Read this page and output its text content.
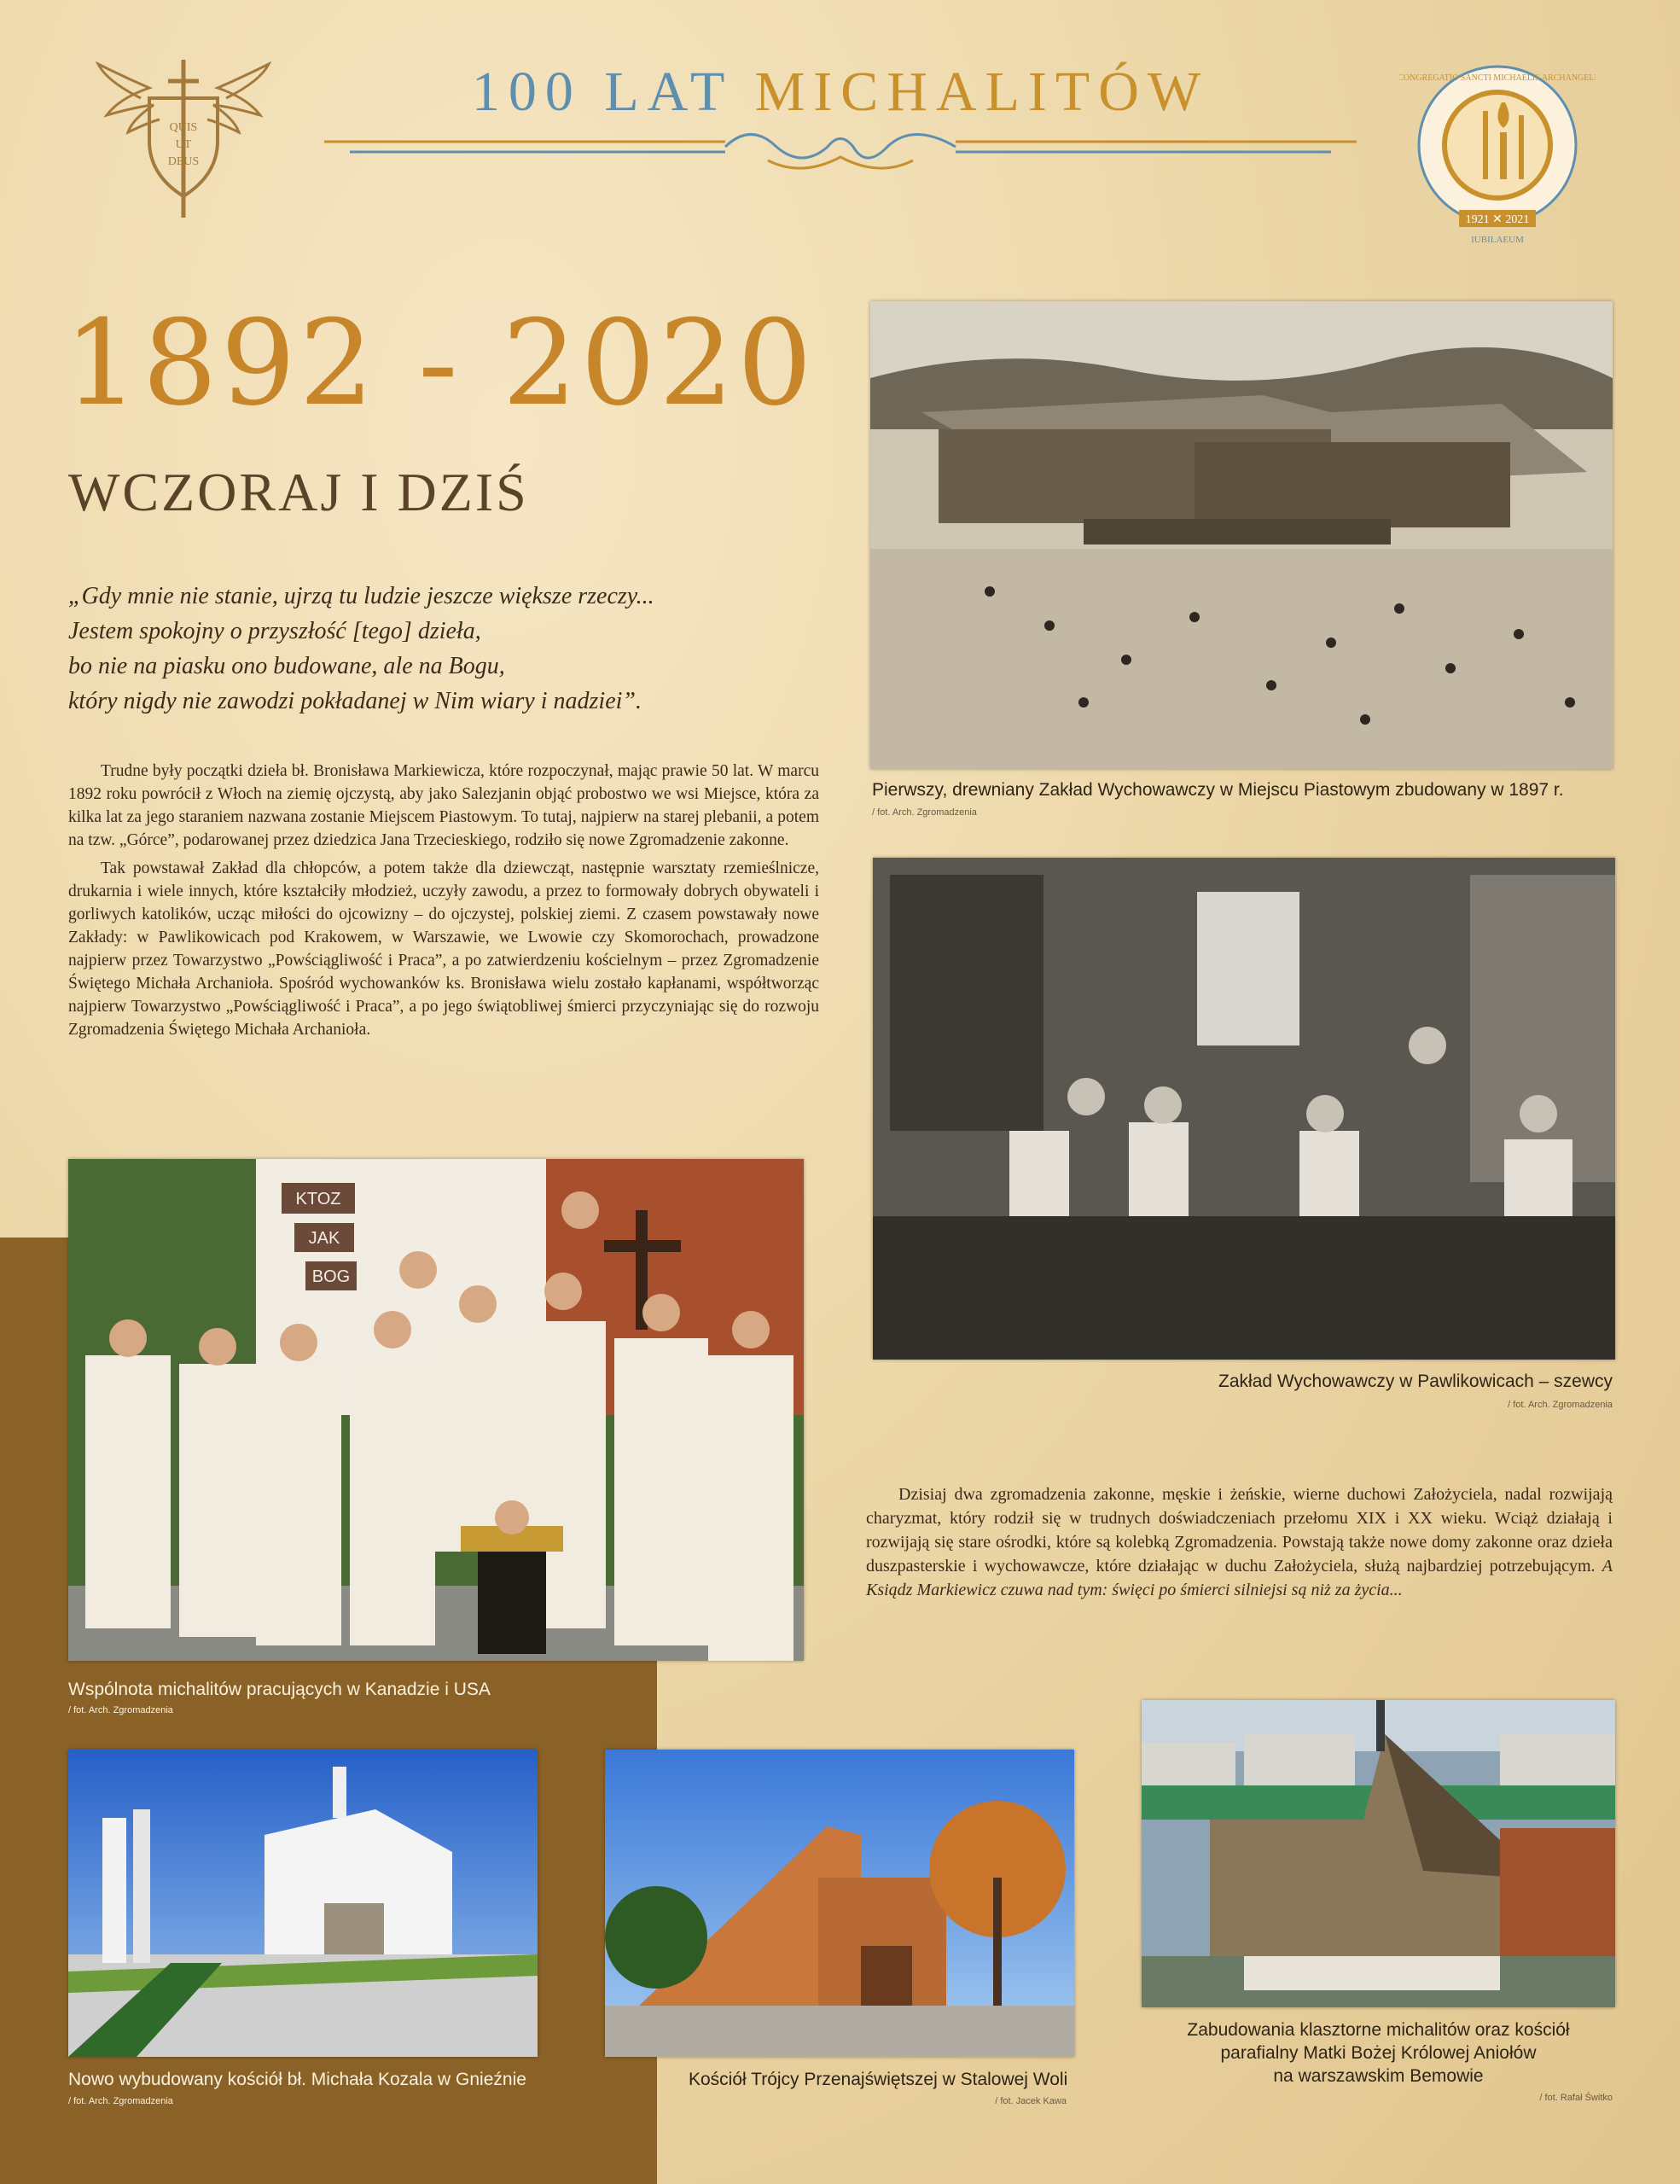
QUIS
UT
DEUS
100 LAT MICHALITÓW
1921 ✕ 2021
IUBILAEUM
CONGREGATIO SANCTI MICHAELIS ARCHANGELI
1892 - 2020
WCZORAJ I DZIŚ
„Gdy mnie nie stanie, ujrzą tu ludzie jeszcze większe rzeczy...
Jestem spokojny o przyszłość [tego] dzieła,
bo nie na piasku ono budowane, ale na Bogu,
który nigdy nie zawodzi pokładanej w Nim wiary i nadziei”.

Trudne były początki dzieła bł. Bronisława Markiewicza, które rozpoczynał, mając prawie 50 lat. W marcu 1892 roku powrócił z Włoch na ziemię ojczystą, aby jako Salezjanin objąć probostwo we wsi Miejsce, która za kilka lat za jego staraniem nazwana zostanie Miejscem Piastowym. To tutaj, najpierw na starej plebanii, a potem na tzw. „Górce”, podarowanej przez dziedzica Jana Trzecieskiego, rodziło się nowe Zgromadzenie zakonne.

Tak powstawał Zakład dla chłopców, a potem także dla dziewcząt, następnie warsztaty rzemieślnicze, drukarnia i wiele innych, które kształciły młodzież, uczyły zawodu, a przez to formowały dobrych obywateli i gorliwych katolików, ucząc miłości do ojcowizny – do ojczystej, polskiej ziemi. Z czasem powstawały nowe Zakłady: w Pawlikowicach pod Krakowem, w Warszawie, we Lwowie czy Skomorochach, prowadzone najpierw przez Towarzystwo „Powściągliwość i Praca”, a po zatwierdzeniu kościelnym – przez Zgromadzenie Świętego Michała Archanioła. Spośród wychowanków ks. Bronisława wielu zostało kapłanami, współtworząc najpierw Towarzystwo „Powściągliwość i Praca”, a po jego świątobliwej śmierci przyczyniając się do rozwoju Zgromadzenia Świętego Michała Archanioła.

Dzisiaj dwa zgromadzenia zakonne, męskie i żeńskie, wierne duchowi Założyciela, nadal rozwijają charyzmat, który rodził się w trudnych doświadczeniach przełomu XIX i XX wieku. Wciąż działają i rozwijają się stare ośrodki, które są kolebką Zgromadzenia. Powstają także nowe domy zakonne oraz dzieła duszpasterskie i wychowawcze, które działając w duchu Założyciela, służą najbardziej potrzebującym. A Ksiądz Markiewicz czuwa nad tym: święci po śmierci silniejsi są niż za życia...

Pierwszy, drewniany Zakład Wychowawczy w Miejscu Piastowym zbudowany w 1897 r.
/ fot. Arch. Zgromadzenia
Zakład Wychowawczy w Pawlikowicach – szewcy
/ fot. Arch. Zgromadzenia
KTOZ
JAK
BOG
Wspólnota michalitów pracujących w Kanadzie i USA
/ fot. Arch. Zgromadzenia
Nowo wybudowany kościół bł. Michała Kozala w Gnieźnie
/ fot. Arch. Zgromadzenia
Kościół Trójcy Przenajświętszej w Stalowej Woli
/ fot. Jacek Kawa
Zabudowania klasztorne michalitów oraz kościół
parafialny Matki Bożej Królowej Aniołów
na warszawskim Bemowie
/ fot. Rafał Świtko
